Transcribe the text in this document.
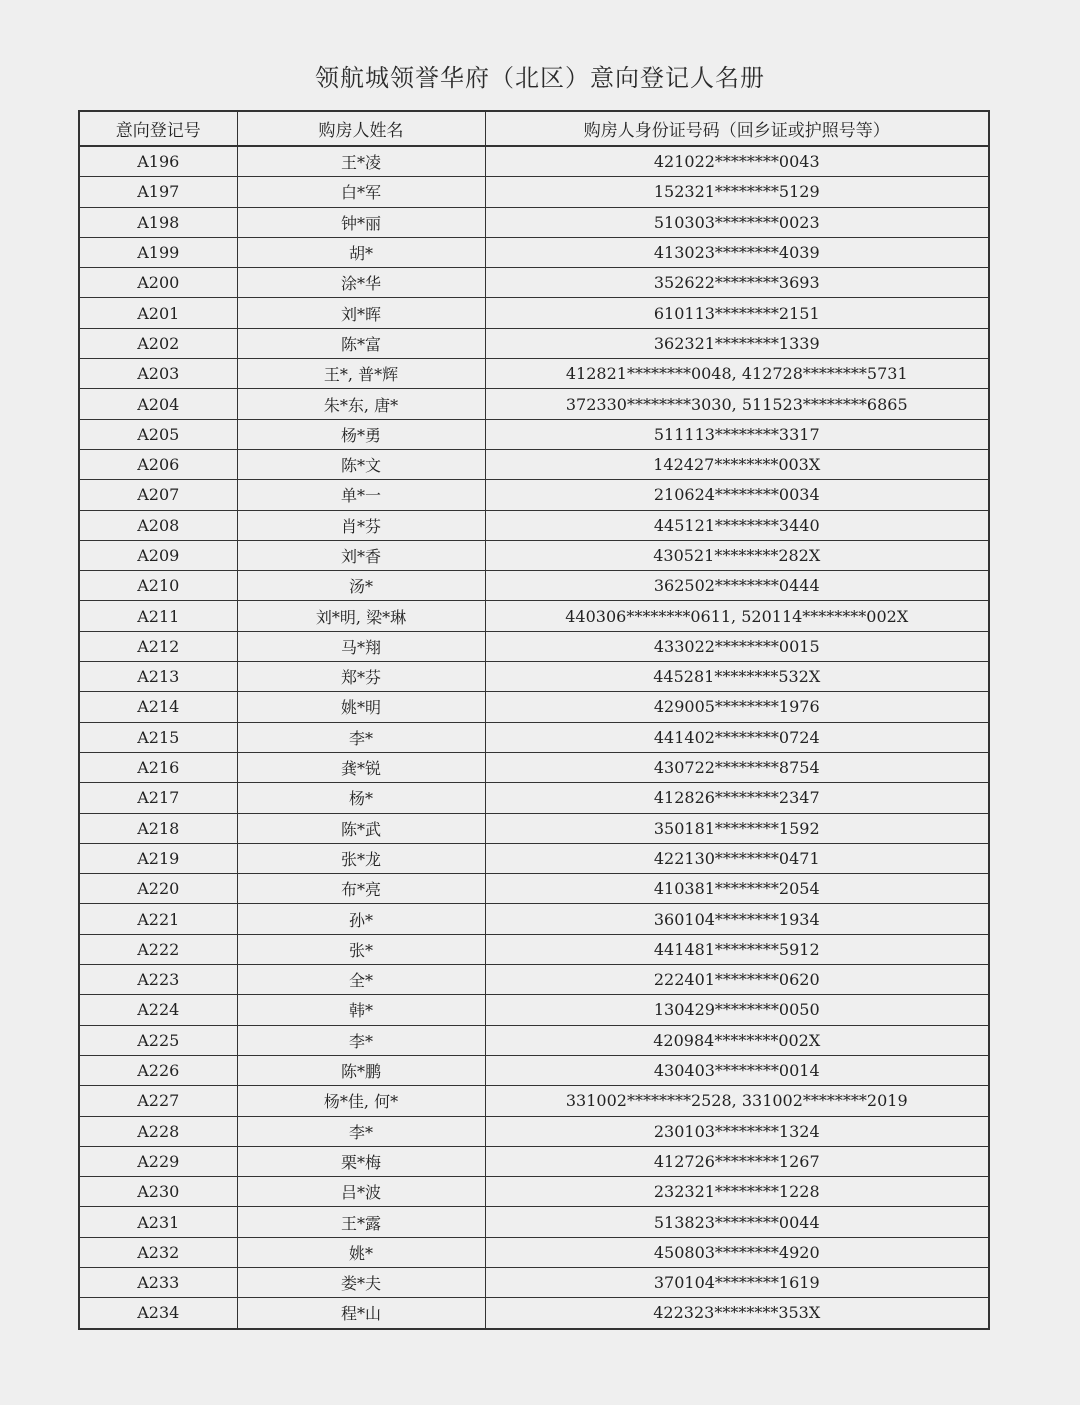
领航城领誉华府（北区）意向登记人名册
意向登记号	购房人姓名	购房人身份证号码（回乡证或护照号等）
A196	王*凌	421022********0043
A197	白*军	152321********5129
A198	钟*丽	510303********0023
A199	胡*	413023********4039
A200	涂*华	352622********3693
A201	刘*晖	610113********2151
A202	陈*富	362321********1339
A203	王*, 普*辉	412821********0048, 412728********5731
A204	朱*东, 唐*	372330********3030, 511523********6865
A205	杨*勇	511113********3317
A206	陈*文	142427********003X
A207	单*一	210624********0034
A208	肖*芬	445121********3440
A209	刘*香	430521********282X
A210	汤*	362502********0444
A211	刘*明, 梁*琳	440306********0611, 520114********002X
A212	马*翔	433022********0015
A213	郑*芬	445281********532X
A214	姚*明	429005********1976
A215	李*	441402********0724
A216	龚*锐	430722********8754
A217	杨*	412826********2347
A218	陈*武	350181********1592
A219	张*龙	422130********0471
A220	布*亮	410381********2054
A221	孙*	360104********1934
A222	张*	441481********5912
A223	全*	222401********0620
A224	韩*	130429********0050
A225	李*	420984********002X
A226	陈*鹏	430403********0014
A227	杨*佳, 何*	331002********2528, 331002********2019
A228	李*	230103********1324
A229	栗*梅	412726********1267
A230	吕*波	232321********1228
A231	王*露	513823********0044
A232	姚*	450803********4920
A233	娄*夫	370104********1619
A234	程*山	422323********353X
